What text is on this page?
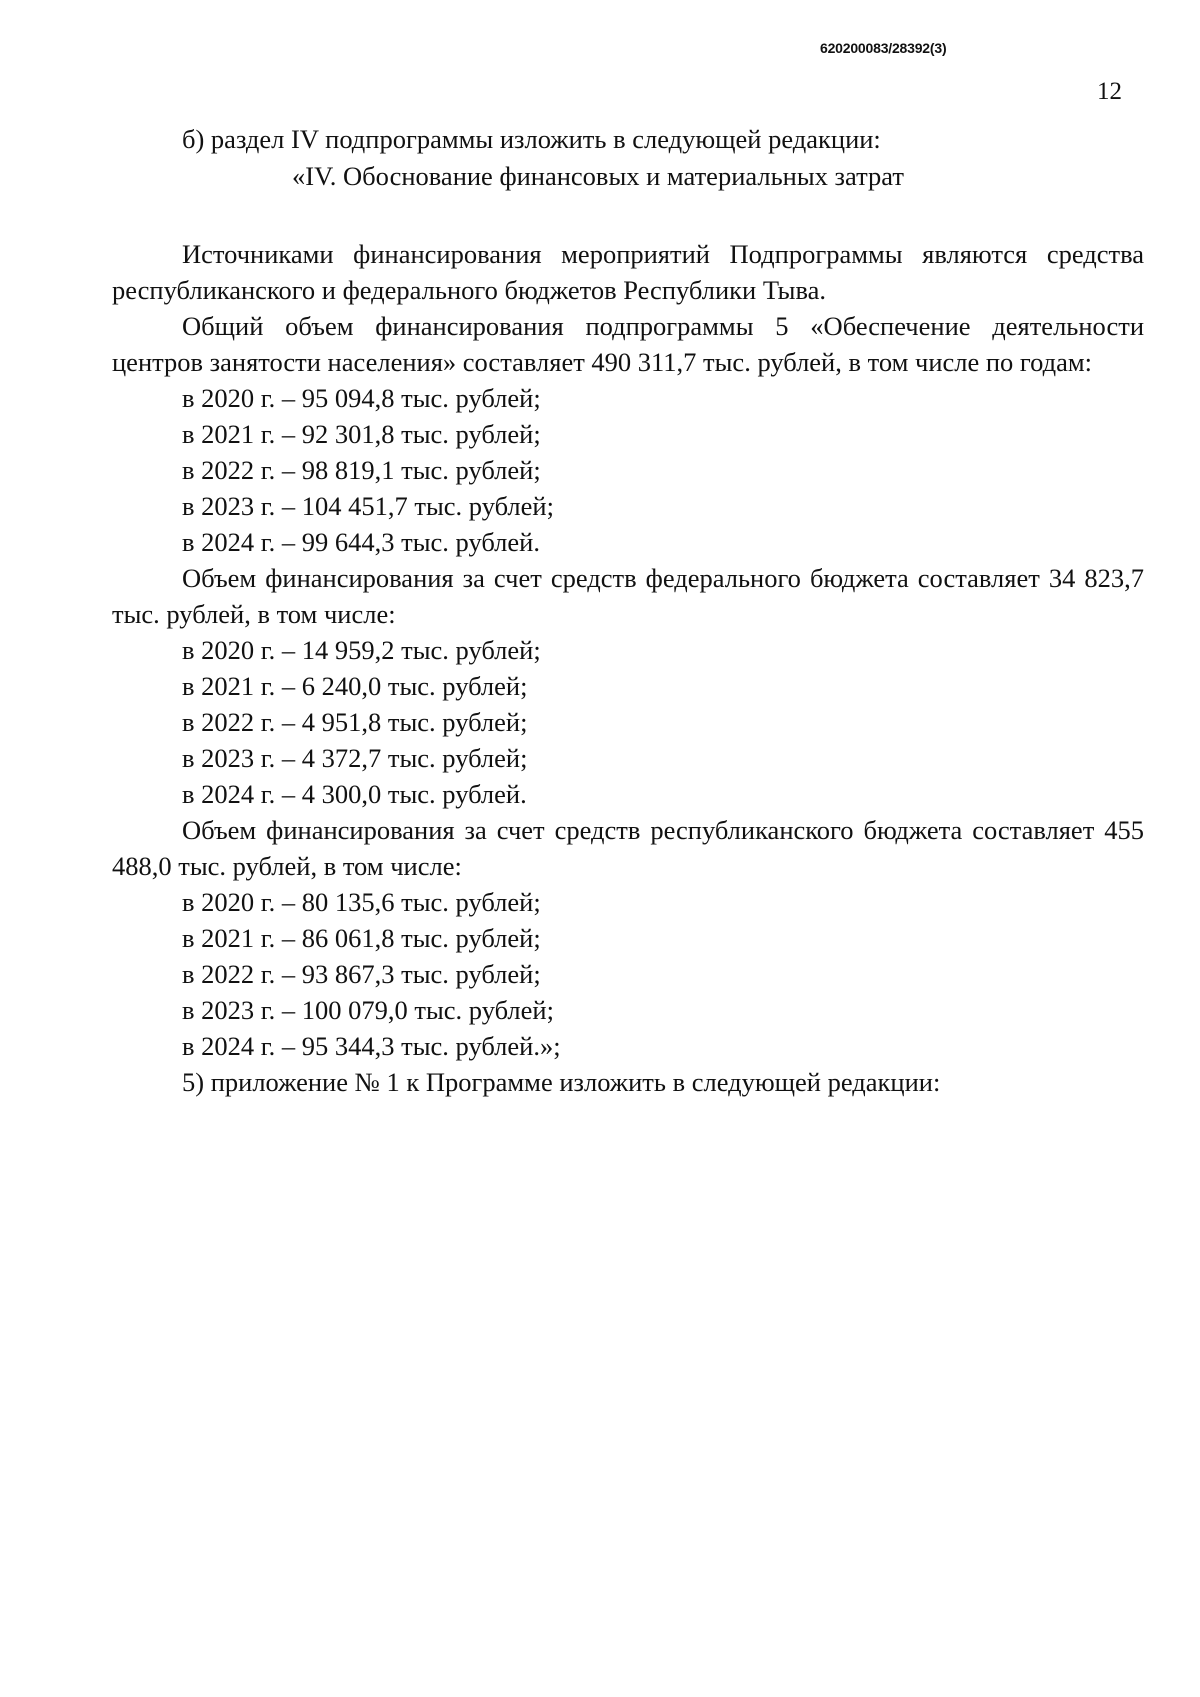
620200083/28392(3)
12

б) раздел IV подпрограммы изложить в следующей редакции:

«IV. Обоснование финансовых и материальных затрат

Источниками финансирования мероприятий Подпрограммы являются средства республиканского и федерального бюджетов Республики Тыва.

Общий объем финансирования подпрограммы 5 «Обеспечение деятельности центров занятости населения» составляет 490 311,7 тыс. рублей, в том числе по годам:

в 2020 г. – 95 094,8 тыс. рублей;

в 2021 г. – 92 301,8 тыс. рублей;

в 2022 г. – 98 819,1 тыс. рублей;

в 2023 г. – 104 451,7 тыс. рублей;

в 2024 г. – 99 644,3 тыс. рублей.

Объем финансирования за счет средств федерального бюджета составляет 34 823,7 тыс. рублей, в том числе:

в 2020 г. – 14 959,2 тыс. рублей;

в 2021 г. – 6 240,0 тыс. рублей;

в 2022 г. – 4 951,8 тыс. рублей;

в 2023 г. – 4 372,7 тыс. рублей;

в 2024 г. – 4 300,0 тыс. рублей.

Объем финансирования за счет средств республиканского бюджета составляет 455 488,0 тыс. рублей, в том числе:

в 2020 г. – 80 135,6 тыс. рублей;

в 2021 г. – 86 061,8 тыс. рублей;

в 2022 г. – 93 867,3 тыс. рублей;

в 2023 г. – 100 079,0 тыс. рублей;

в 2024 г. – 95 344,3 тыс. рублей.»;

5) приложение № 1 к Программе изложить в следующей редакции:
